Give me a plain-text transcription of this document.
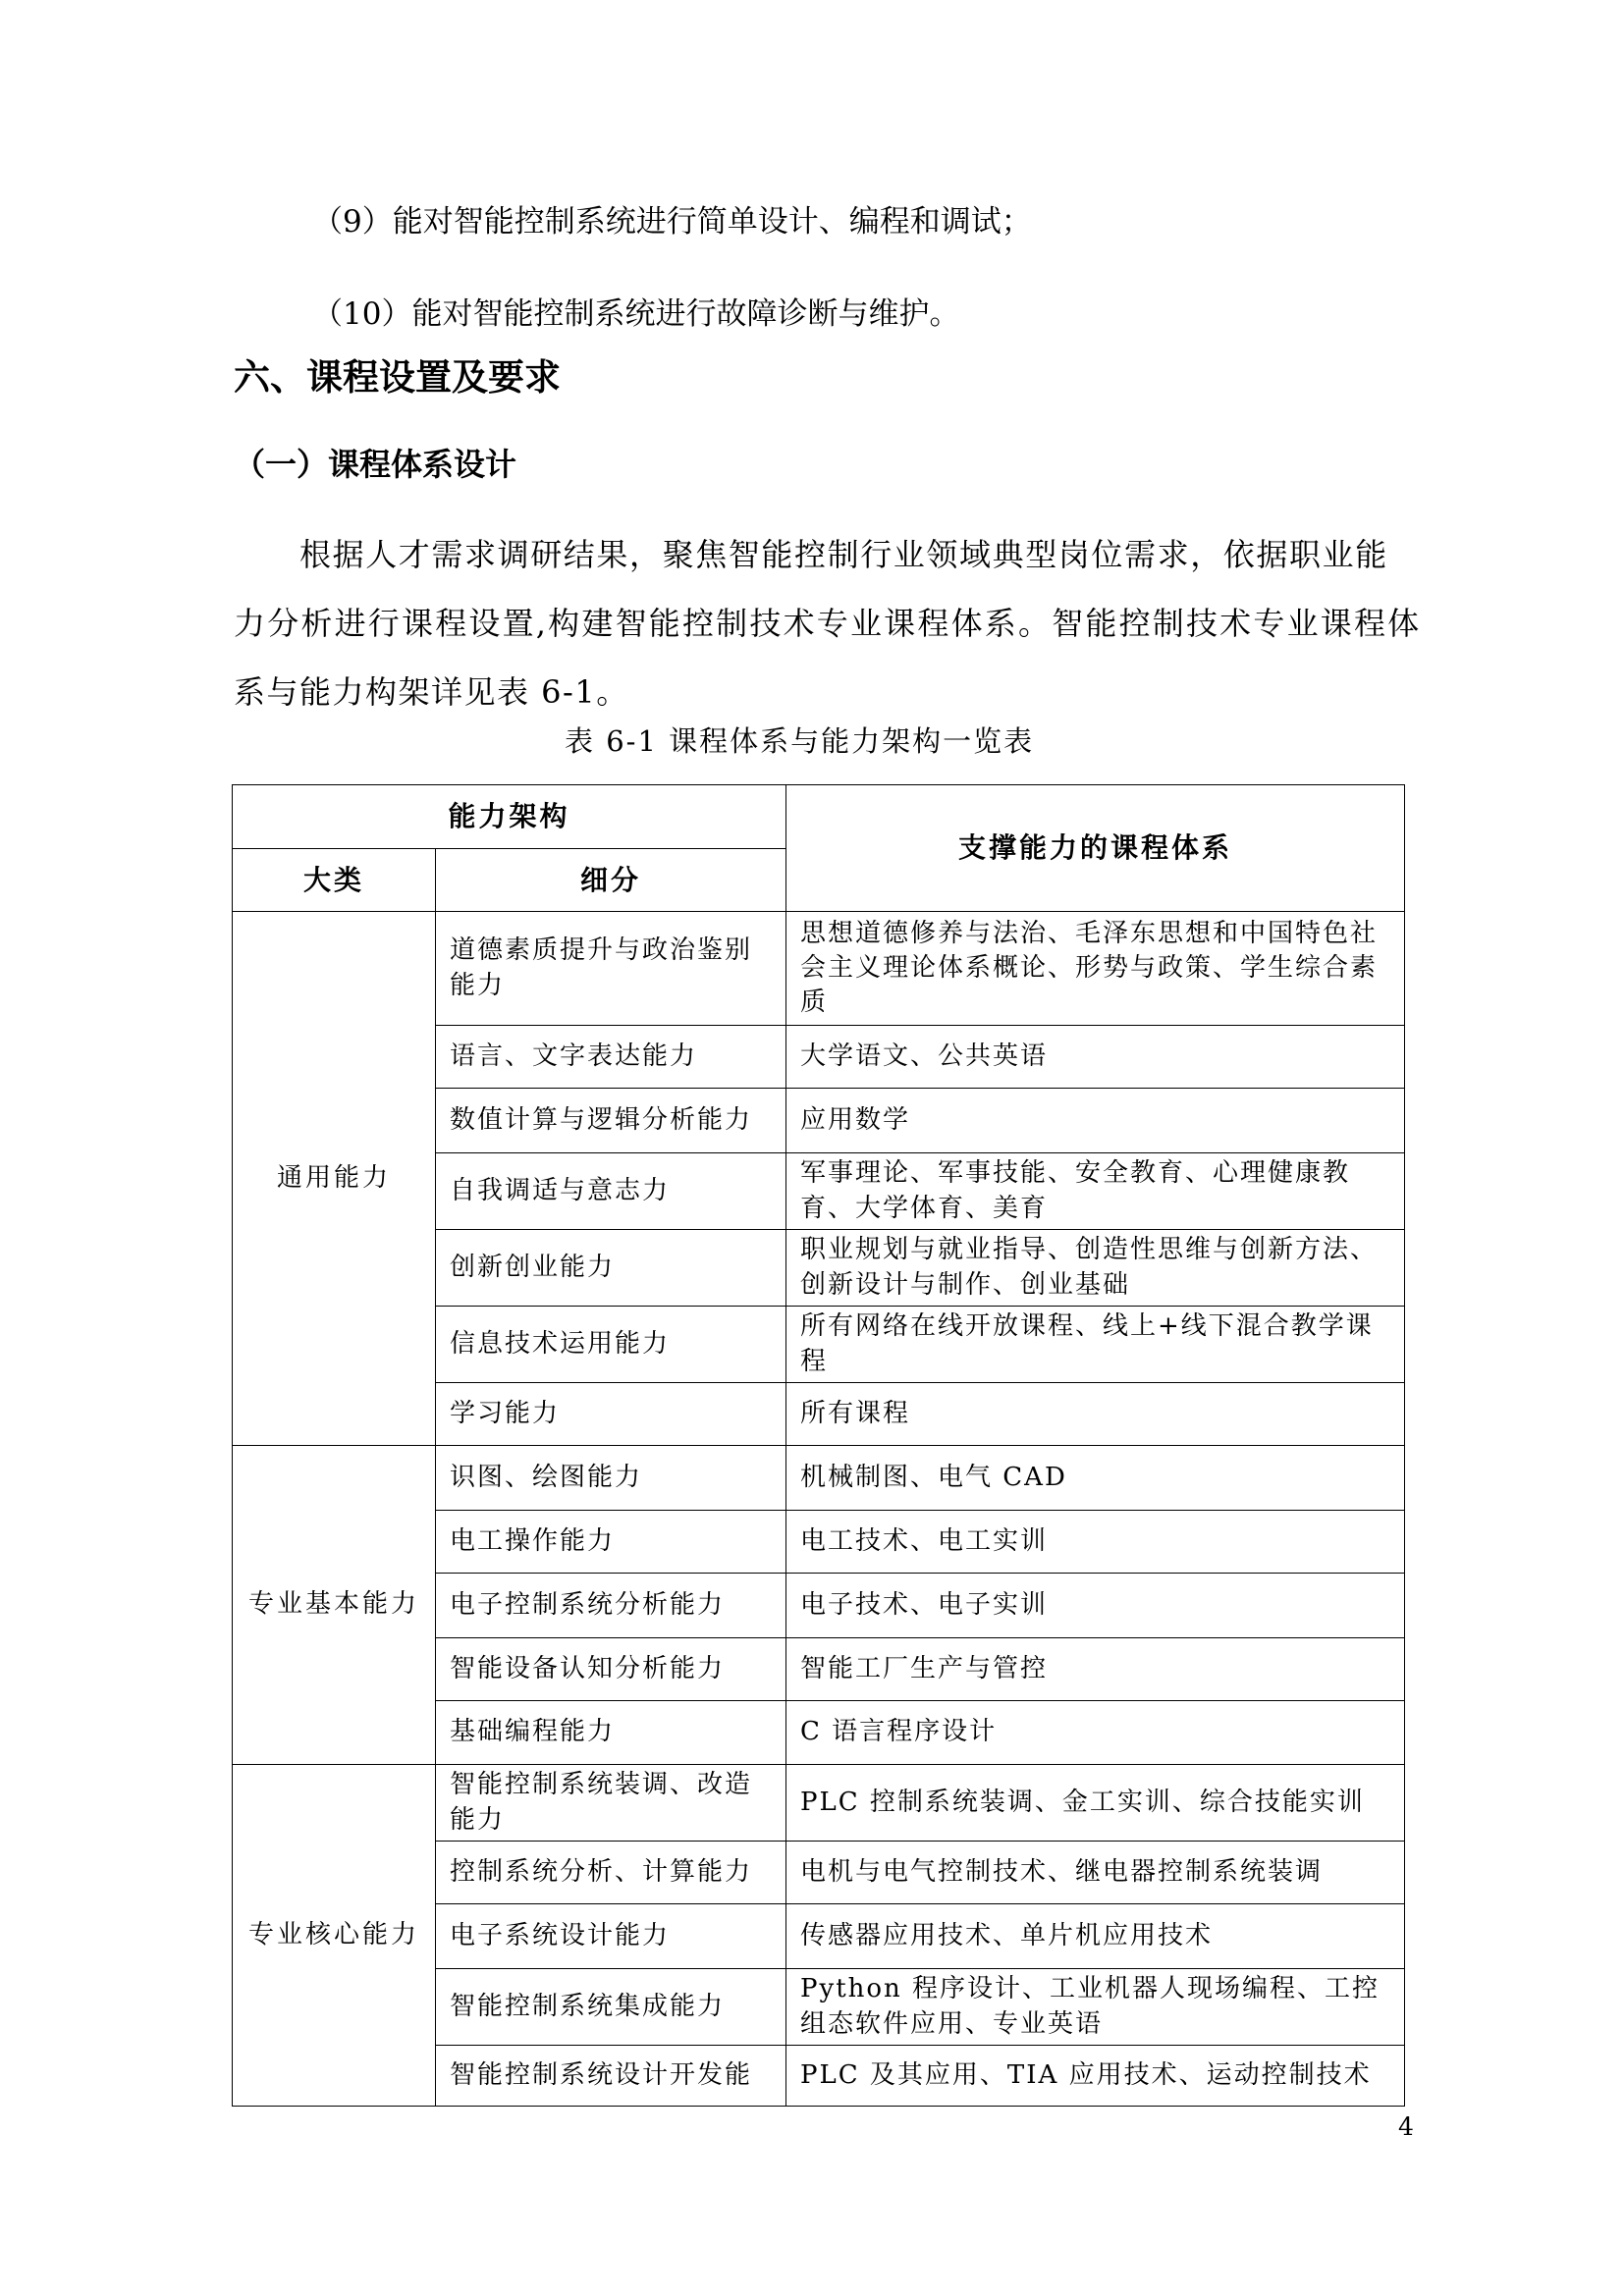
（9）能对智能控制系统进行简单设计、编程和调试；
（10）能对智能控制系统进行故障诊断与维护。
六、课程设置及要求
（一）课程体系设计
根据人才需求调研结果，聚焦智能控制行业领域典型岗位需求，依据职业能
力分析进行课程设置,构建智能控制技术专业课程体系。智能控制技术专业课程体
系与能力构架详见表 6-1。
表 6-1 课程体系与能力架构一览表
能力架构		支撑能力的课程体系
大类	细分	
通用能力	道德素质提升与政治鉴别能力	思想道德修养与法治、毛泽东思想和中国特色社会主义理论体系概论、形势与政策、学生综合素质
	语言、文字表达能力	大学语文、公共英语
	数值计算与逻辑分析能力	应用数学
	自我调适与意志力	军事理论、军事技能、安全教育、心理健康教育、大学体育、美育
	创新创业能力	职业规划与就业指导、创造性思维与创新方法、创新设计与制作、创业基础
	信息技术运用能力	所有网络在线开放课程、线上+线下混合教学课程
	学习能力	所有课程
专业基本能力	识图、绘图能力	机械制图、电气 CAD
	电工操作能力	电工技术、电工实训
	电子控制系统分析能力	电子技术、电子实训
	智能设备认知分析能力	智能工厂生产与管控
	基础编程能力	C 语言程序设计
专业核心能力	智能控制系统装调、改造能力	PLC 控制系统装调、金工实训、综合技能实训
	控制系统分析、计算能力	电机与电气控制技术、继电器控制系统装调
	电子系统设计能力	传感器应用技术、单片机应用技术
	智能控制系统集成能力	Python 程序设计、工业机器人现场编程、工控组态软件应用、专业英语
	智能控制系统设计开发能	PLC 及其应用、TIA 应用技术、运动控制技术
4
